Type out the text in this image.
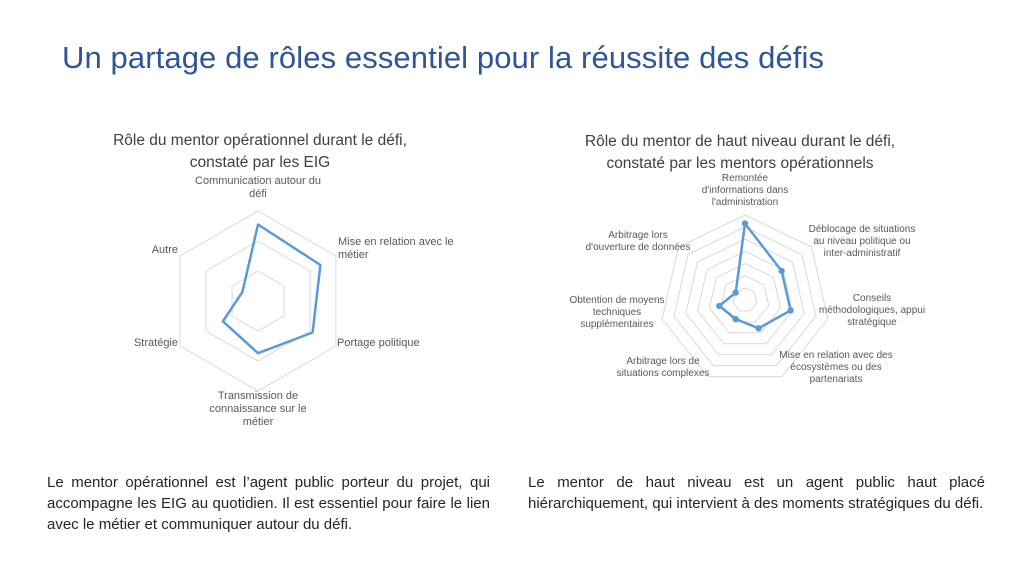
Un partage de rôles essentiel pour la réussite des défis
Rôle du mentor opérationnel durant le défi,
constaté par les EIG
Rôle du mentor de haut niveau durant le défi,
constaté par les mentors opérationnels
Communication autour du défi
Mise en relation avec le métier
Portage politique
Transmission de connaissance sur le métier
Stratégie
Autre
Remontée d'informations dans l'administration
Déblocage de situations au niveau politique ou inter-administratif
Conseils méthodologiques, appui stratégique
Mise en relation avec des écosystèmes ou des partenariats
Arbitrage lors de situations complexes
Obtention de moyens techniques supplémentaires
Arbitrage lors d'ouverture de données

Le mentor opérationnel est l’agent public porteur du projet, qui accompagne les EIG au quotidien. Il est essentiel pour faire le lien avec le métier et communiquer autour du défi.

Le mentor de haut niveau est un agent public haut placé hiérarchiquement, qui intervient à des moments stratégiques du défi.
